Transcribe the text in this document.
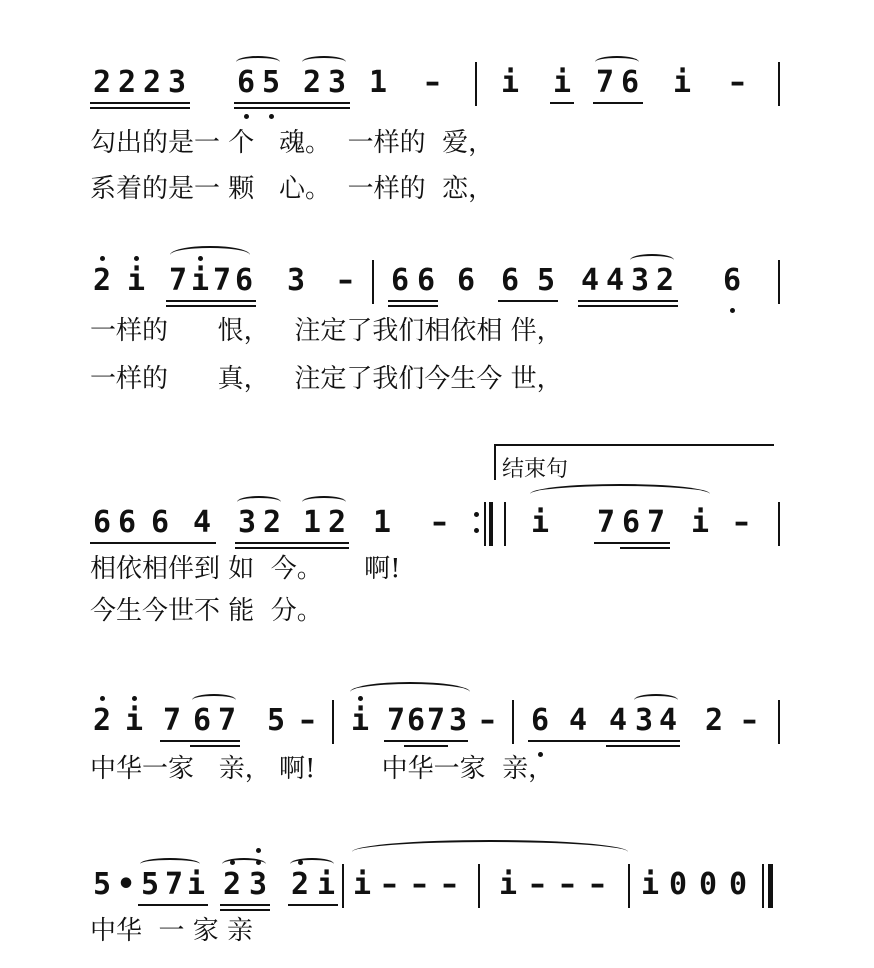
2 2 2 3 6 5 2 3 1 – i i 7 6 i –
勾出的是一 个   魂。  一样的  爱，
系着的是一 颗   心。  一样的  恋，
2 i 7 i 7 6 3 – 6 6 6 6 5 4 4 3 2 6
一样的      恨，   注定了我们相依相 伴，
一样的      真，   注定了我们今生今 世，
结束句
6 6 6 4 3 2 1 2 1 –	i 7 6 7 i –
相依相伴到 如  今。     啊!
今生今世不 能  分。
2 i 7 6 7 5 – i 7 6 7 3 – 6 4 4 3 4 2 –
中华一家   亲， 啊!        中华一家  亲，
5 • 5 7 i 2 3 2 i i – – – i – – – i 0 0 0
中华  一 家 亲
